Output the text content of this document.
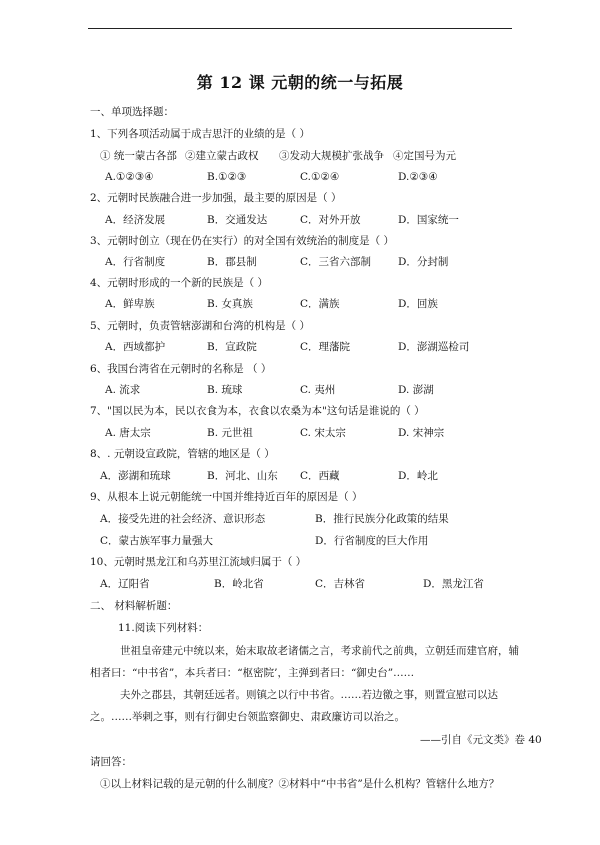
第 12 课 元朝的统一与拓展
一、单项选择题：
1、下列各项活动属于成吉思汗的业绩的是（ ）
① 统一蒙古各部 ②建立蒙古政权 ③发动大规模扩张战争 ④定国号为元
A.①②③④	B.①②③	C.①②④	D.②③④
2、元朝时民族融合进一步加强，最主要的原因是（ ）
A．经济发展	B．交通发达	C．对外开放	D．国家统一
3、元朝时创立（现在仍在实行）的对全国有效统治的制度是（ ）
A．行省制度	B．郡县制	C．三省六部制	D．分封制
4、元朝时形成的一个新的民族是（ ）
A．鲜卑族	B. 女真族	C．满族	D．回族
5、元朝时，负责管辖澎湖和台湾的机构是（ ）
A．西域都护	B．宣政院	C．理藩院	D．澎湖巡检司
6、我国台湾省在元朝时的名称是 （ ）
A. 流求	B. 琉球	C. 夷州	D. 澎湖
7、"国以民为本，民以衣食为本，衣食以农桑为本"这句话是谁说的（ ）
A. 唐太宗	B. 元世祖	C. 宋太宗	D. 宋神宗
8、. 元朝设宣政院，管辖的地区是（ ）
A．澎湖和琉球	B．河北、山东 C．西藏	D．岭北
9、从根本上说元朝能统一中国并维持近百年的原因是（ ）
A．接受先进的社会经济、意识形态	B．推行民族分化政策的结果
C．蒙古族军事力量强大	D．行省制度的巨大作用
10、元朝时黑龙江和乌苏里江流域归属于（ ）
A．辽阳省	B．岭北省	C．吉林省	D．黑龙江省
二、 材料解析题：
11.阅读下列材料：
世祖皇帝建元中统以来，始末取故老诸儒之言，考求前代之前典，立朝廷而建官府，辅
相者曰：“中书省”，本兵者曰：“枢密院’，主弹到者曰：“御史台”……
夫外之郡县，其朝廷远者。则镇之以行中书省。……若边徼之事，则置宣慰司以达
之。……举剌之事，则有行御史台领监察御史、肃政廉访司以治之。
——引自《元文类》卷 40
请回答：
①以上材料记载的是元朝的什么制度？②材料中“中书省”是什么机构？管辖什么地方？
